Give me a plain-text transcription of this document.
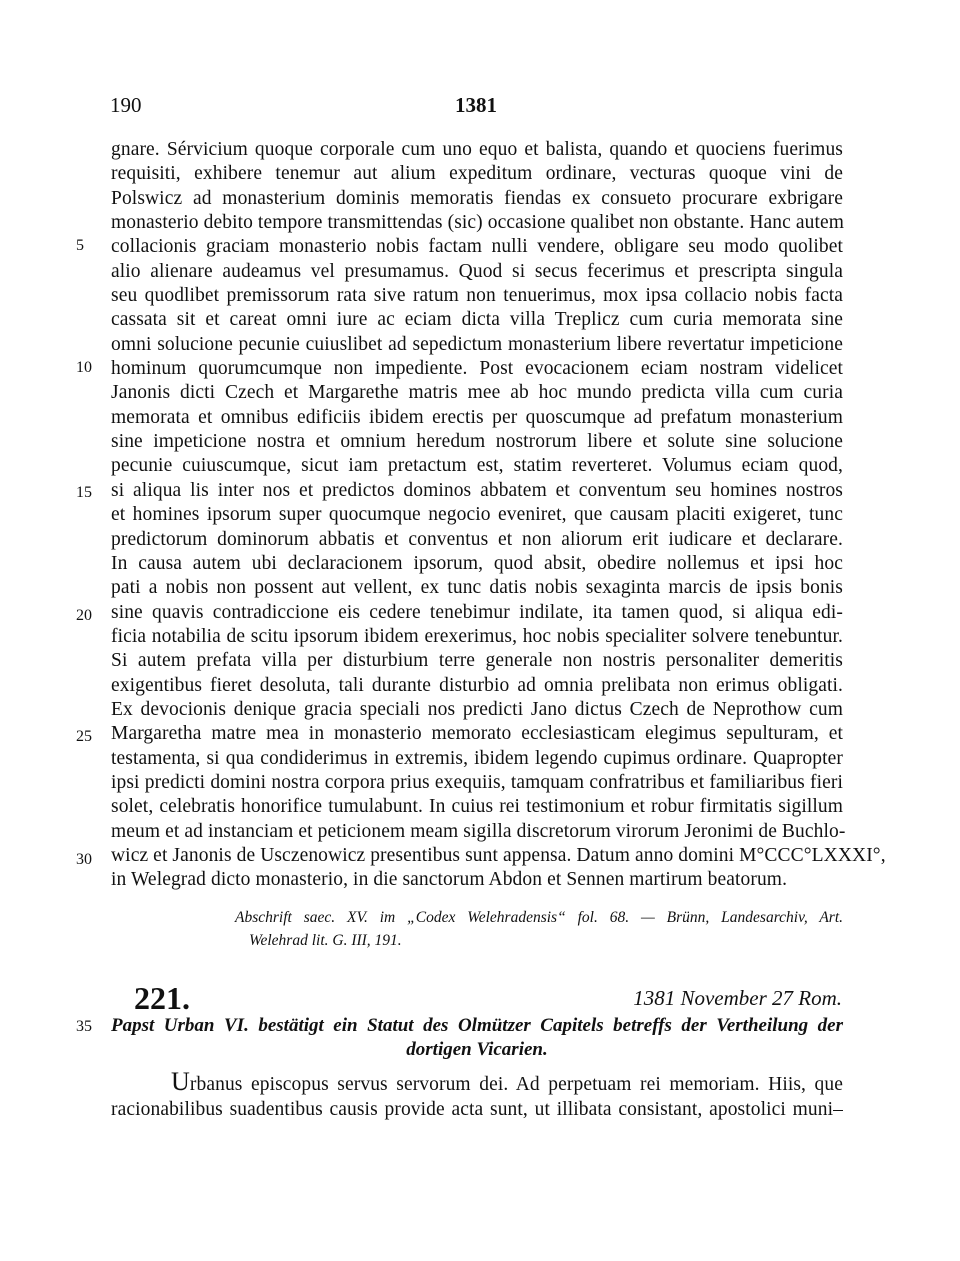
190	1381
gnare. Sérvicium quoque corporale cum uno equo et balista, quando et quociens fuerimus
requisiti, exhibere tenemur aut alium expeditum ordinare, vecturas quoque vini de
Polswicz ad monasterium dominis memoratis fiendas ex consueto procurare exbrigare
monasterio debito tempore transmittendas (sic) occasione qualibet non obstante. Hanc autem
collacionis graciam monasterio nobis factam nulli vendere, obligare seu modo quolibet
alio alienare audeamus vel presumamus. Quod si secus fecerimus et prescripta singula
seu quodlibet premissorum rata sive ratum non tenuerimus, mox ipsa collacio nobis facta
cassata sit et careat omni iure ac eciam dicta villa Treplicz cum curia memorata sine
omni solucione pecunie cuiuslibet ad sepedictum monasterium libere revertatur impeticione
hominum quorumcumque non impediente. Post evocacionem eciam nostram videlicet
Janonis dicti Czech et Margarethe matris mee ab hoc mundo predicta villa cum curia
memorata et omnibus edificiis ibidem erectis per quoscumque ad prefatum monasterium
sine impeticione nostra et omnium heredum nostrorum libere et solute sine solucione
pecunie cuiuscumque, sicut iam pretactum est, statim reverteret. Volumus eciam quod,
si aliqua lis inter nos et predictos dominos abbatem et conventum seu homines nostros
et homines ipsorum super quocumque negocio eveniret, que causam placiti exigeret, tunc
predictorum dominorum abbatis et conventus et non aliorum erit iudicare et declarare.
In causa autem ubi declaracionem ipsorum, quod absit, obedire nollemus et ipsi hoc
pati a nobis non possent aut vellent, ex tunc datis nobis sexaginta marcis de ipsis bonis
sine quavis contradiccione eis cedere tenebimur indilate, ita tamen quod, si aliqua edi-
ficia notabilia de scitu ipsorum ibidem erexerimus, hoc nobis specialiter solvere tenebuntur.
Si autem prefata villa per disturbium terre generale non nostris personaliter demeritis
exigentibus fieret desoluta, tali durante disturbio ad omnia prelibata non erimus obligati.
Ex devocionis denique gracia speciali nos predicti Jano dictus Czech de Neprothow cum
Margaretha matre mea in monasterio memorato ecclesiasticam elegimus sepulturam, et
testamenta, si qua condiderimus in extremis, ibidem legendo cupimus ordinare. Quapropter
ipsi predicti domini nostra corpora prius exequiis, tamquam confratribus et familiaribus fieri
solet, celebratis honorifice tumulabunt. In cuius rei testimonium et robur firmitatis sigillum
meum et ad instanciam et peticionem meam sigilla discretorum virorum Jeronimi de Buchlo-
wicz et Janonis de Usczenowicz presentibus sunt appensa. Datum anno domini M°CCC°LXXXI°,
in Welegrad dicto monasterio, in die sanctorum Abdon et Sennen martirum beatorum.
5
10
15
20
25
30
35
Abschrift saec. XV. im „Codex Welehradensis“ fol. 68. — Brünn, Landesarchiv, Art.
Welehrad lit. G. III, 191.
221.	1381 November 27 Rom.
Papst Urban VI. bestätigt ein Statut des Olmützer Capitels betreffs der Vertheilung der
dortigen Vicarien.
Urbanus episcopus servus servorum dei. Ad perpetuam rei memoriam. Hiis, que
racionabilibus suadentibus causis provide acta sunt, ut illibata consistant, apostolici muni–
